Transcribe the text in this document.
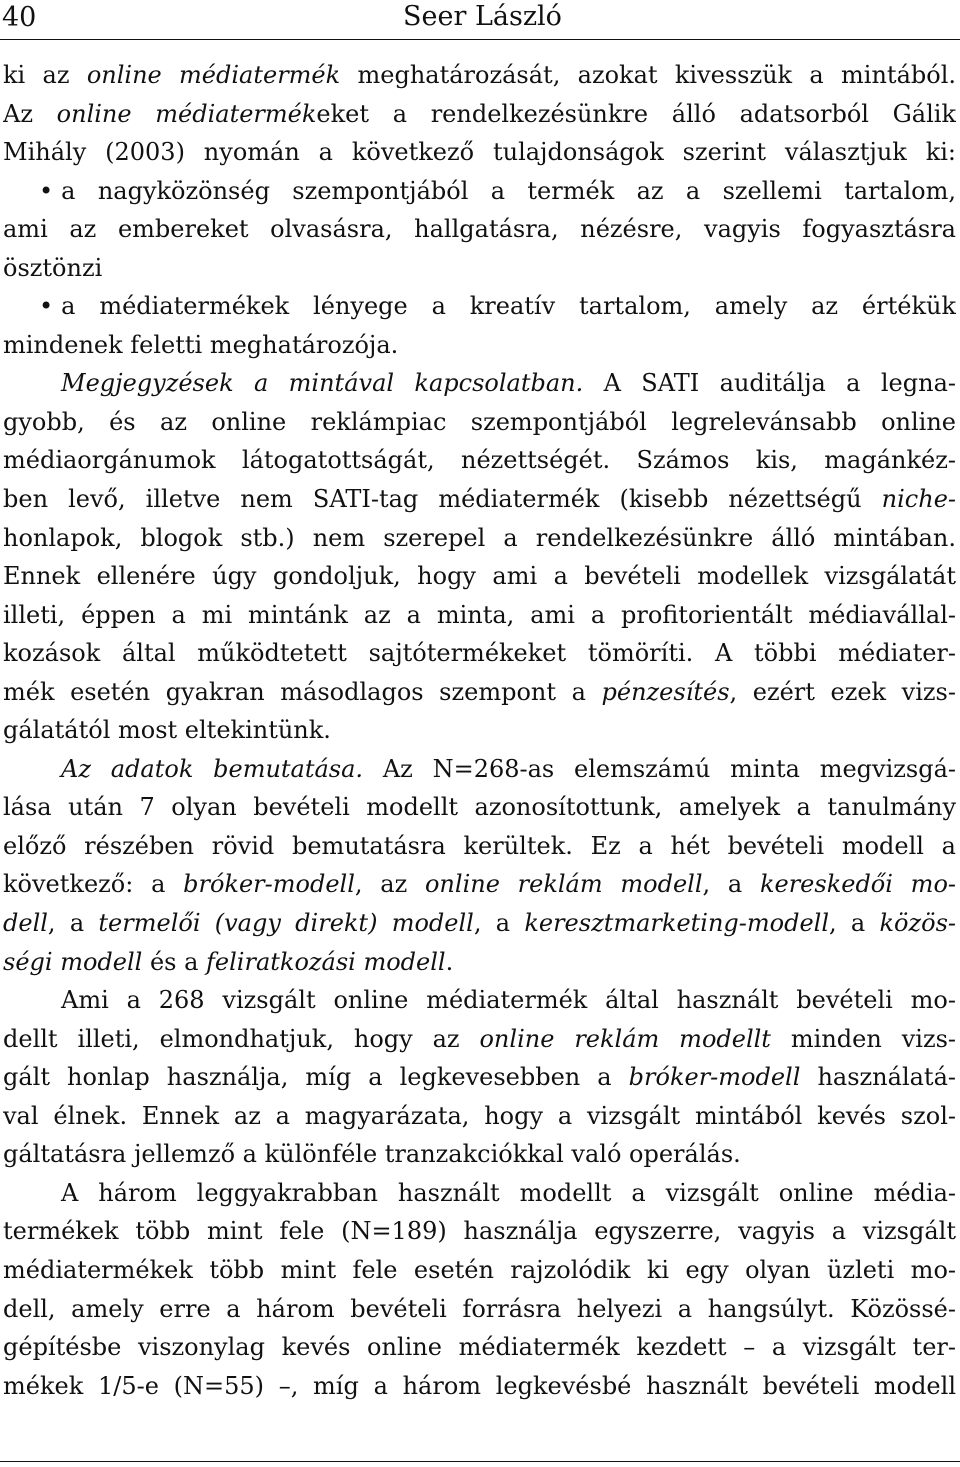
40	Seer László
ki az online médiatermék meghatározását, azokat kivesszük a mintából.
Az online médiatermékeket a rendelkezésünkre álló adatsorból Gálik
Mihály (2003) nyomán a következő tulajdonságok szerint választjuk ki:
• a nagyközönség szempontjából a termék az a szellemi tartalom,
ami az embereket olvasásra, hallgatásra, nézésre, vagyis fogyasztásra
ösztönzi
• a médiatermékek lényege a kreatív tartalom, amely az értékük
mindenek feletti meghatározója.
Megjegyzések a mintával kapcsolatban. A SATI auditálja a legna-
gyobb, és az online reklámpiac szempontjából legrelevánsabb online
médiaorgánumok látogatottságát, nézettségét. Számos kis, magánkéz-
ben levő, illetve nem SATI-tag médiatermék (kisebb nézettségű niche-
honlapok, blogok stb.) nem szerepel a rendelkezésünkre álló mintában.
Ennek ellenére úgy gondoljuk, hogy ami a bevételi modellek vizsgálatát
illeti, éppen a mi mintánk az a minta, ami a profitorientált médiavállal-
kozások által működtetett sajtótermékeket tömöríti. A többi médiater-
mék esetén gyakran másodlagos szempont a pénzesítés, ezért ezek vizs-
gálatától most eltekintünk.
Az adatok bemutatása. Az N=268-as elemszámú minta megvizsgá-
lása után 7 olyan bevételi modellt azonosítottunk, amelyek a tanulmány
előző részében rövid bemutatásra kerültek. Ez a hét bevételi modell a
következő: a bróker-modell, az online reklám modell, a kereskedői mo-
dell, a termelői (vagy direkt) modell, a keresztmarketing-modell, a közös-
ségi modell és a feliratkozási modell.
Ami a 268 vizsgált online médiatermék által használt bevételi mo-
dellt illeti, elmondhatjuk, hogy az online reklám modellt minden vizs-
gált honlap használja, míg a legkevesebben a bróker-modell használatá-
val élnek. Ennek az a magyarázata, hogy a vizsgált mintából kevés szol-
gáltatásra jellemző a különféle tranzakciókkal való operálás.
A három leggyakrabban használt modellt a vizsgált online média-
termékek több mint fele (N=189) használja egyszerre, vagyis a vizsgált
médiatermékek több mint fele esetén rajzolódik ki egy olyan üzleti mo-
dell, amely erre a három bevételi forrásra helyezi a hangsúlyt. Közössé-
gépítésbe viszonylag kevés online médiatermék kezdett – a vizsgált ter-
mékek 1/5-e (N=55) –, míg a három legkevésbé használt bevételi modell
